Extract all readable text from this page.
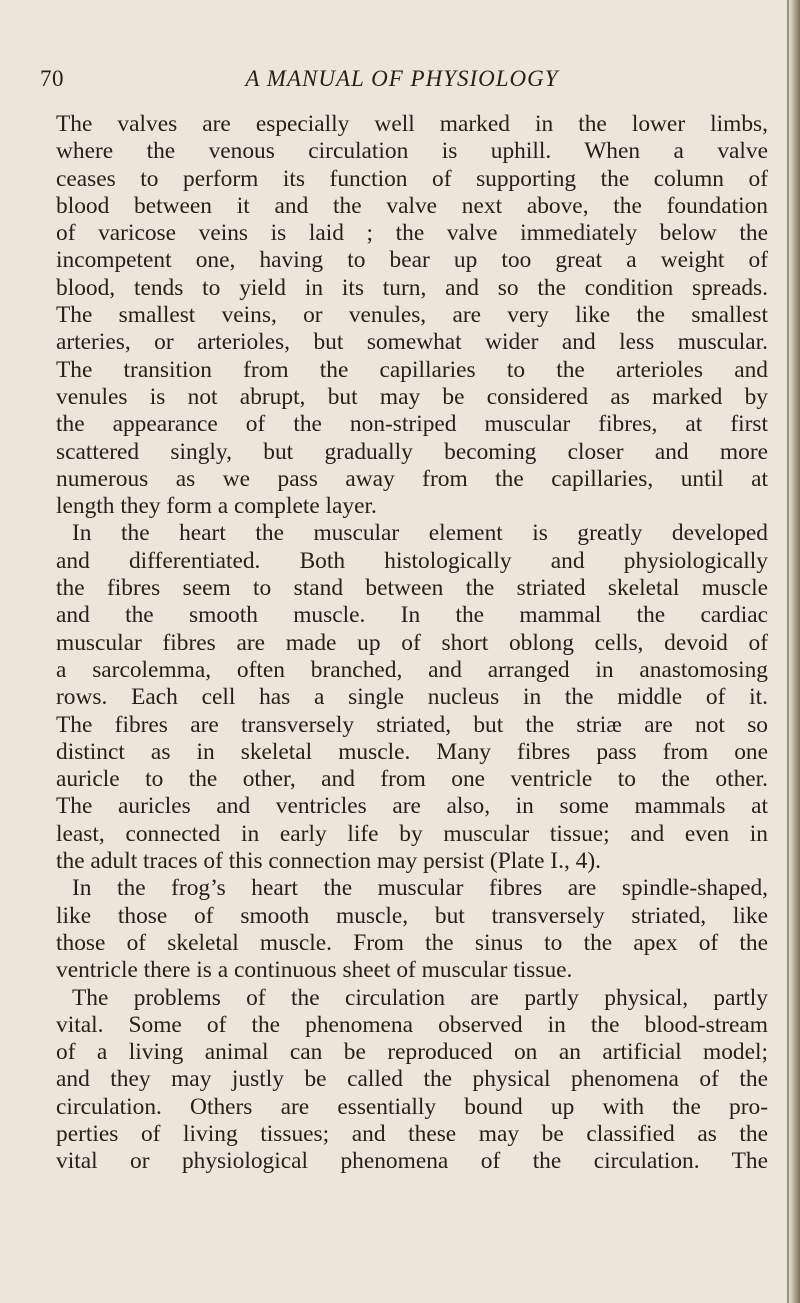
70	A MANUAL OF PHYSIOLOGY
The valves are especially well marked in the lower limbs,
where the venous circulation is uphill. When a valve
ceases to perform its function of supporting the column of
blood between it and the valve next above, the foundation
of varicose veins is laid ; the valve immediately below the
incompetent one, having to bear up too great a weight of
blood, tends to yield in its turn, and so the condition spreads.
The smallest veins, or venules, are very like the smallest
arteries, or arterioles, but somewhat wider and less muscular.
The transition from the capillaries to the arterioles and
venules is not abrupt, but may be considered as marked by
the appearance of the non-striped muscular fibres, at first
scattered singly, but gradually becoming closer and more
numerous as we pass away from the capillaries, until at
length they form a complete layer.
In the heart the muscular element is greatly developed
and differentiated. Both histologically and physiologically
the fibres seem to stand between the striated skeletal muscle
and the smooth muscle. In the mammal the cardiac
muscular fibres are made up of short oblong cells, devoid of
a sarcolemma, often branched, and arranged in anastomosing
rows. Each cell has a single nucleus in the middle of it.
The fibres are transversely striated, but the striæ are not so
distinct as in skeletal muscle. Many fibres pass from one
auricle to the other, and from one ventricle to the other.
The auricles and ventricles are also, in some mammals at
least, connected in early life by muscular tissue; and even in
the adult traces of this connection may persist (Plate I., 4).
In the frog’s heart the muscular fibres are spindle-shaped,
like those of smooth muscle, but transversely striated, like
those of skeletal muscle. From the sinus to the apex of the
ventricle there is a continuous sheet of muscular tissue.
The problems of the circulation are partly physical, partly
vital. Some of the phenomena observed in the blood-stream
of a living animal can be reproduced on an artificial model;
and they may justly be called the physical phenomena of the
circulation. Others are essentially bound up with the pro-
perties of living tissues; and these may be classified as the
vital or physiological phenomena of the circulation. The
